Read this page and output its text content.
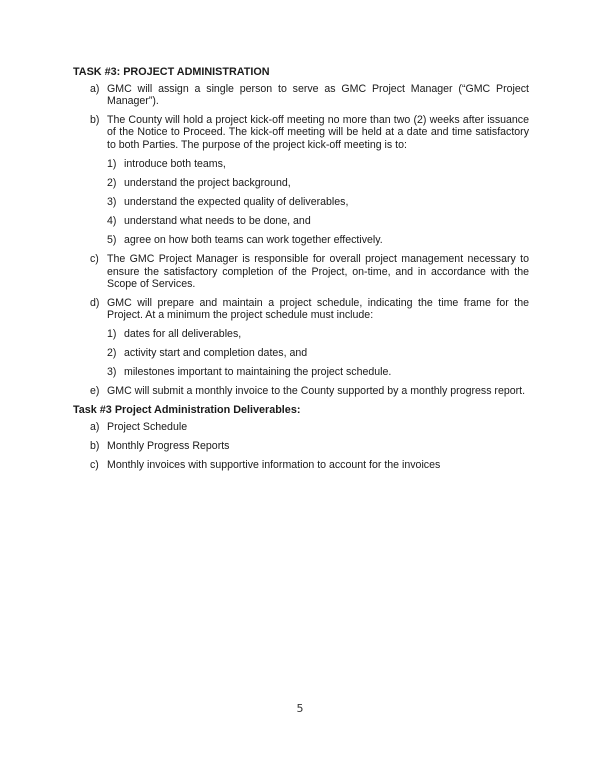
TASK #3: PROJECT ADMINISTRATION
a) GMC will assign a single person to serve as GMC Project Manager (“GMC Project Manager”).
b) The County will hold a project kick-off meeting no more than two (2) weeks after issuance of the Notice to Proceed. The kick-off meeting will be held at a date and time satisfactory to both Parties. The purpose of the project kick-off meeting is to:
1) introduce both teams,
2) understand the project background,
3) understand the expected quality of deliverables,
4) understand what needs to be done, and
5) agree on how both teams can work together effectively.
c) The GMC Project Manager is responsible for overall project management necessary to ensure the satisfactory completion of the Project, on-time, and in accordance with the Scope of Services.
d) GMC will prepare and maintain a project schedule, indicating the time frame for the Project. At a minimum the project schedule must include:
1) dates for all deliverables,
2) activity start and completion dates, and
3) milestones important to maintaining the project schedule.
e) GMC will submit a monthly invoice to the County supported by a monthly progress report.
Task #3 Project Administration Deliverables:
a) Project Schedule
b) Monthly Progress Reports
c) Monthly invoices with supportive information to account for the invoices
5
